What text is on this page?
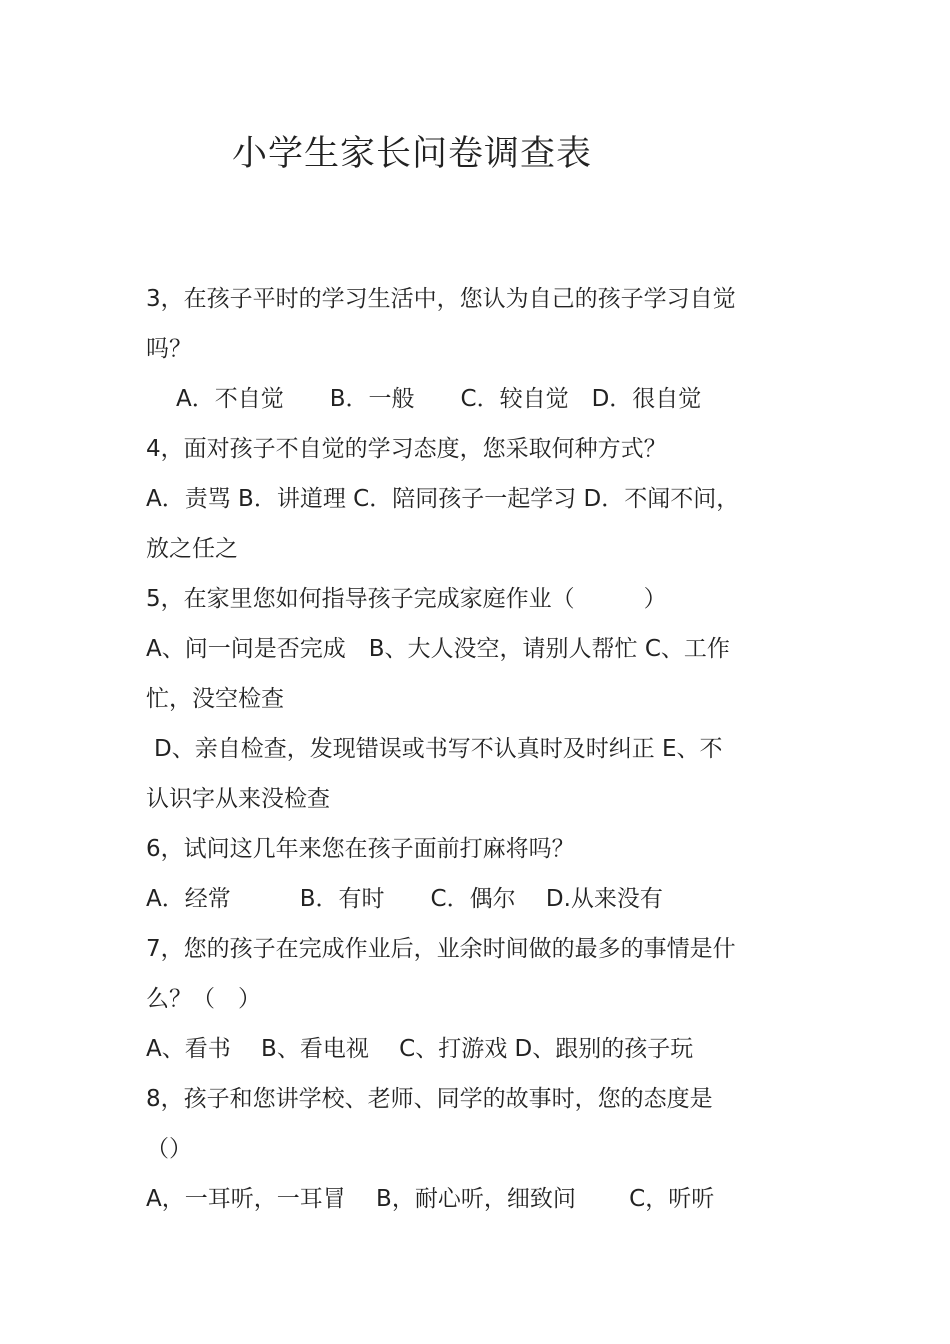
小学生家长问卷调查表
3，在孩子平时的学习生活中，您认为自己的孩子学习自觉
吗？
A．不自觉　　B．一般　　C．较自觉　D．很自觉
4，面对孩子不自觉的学习态度，您采取何种方式？
A．责骂 B．讲道理 C．陪同孩子一起学习 D．不闻不问，
放之任之
5，在家里您如何指导孩子完成家庭作业（　　　）
A、问一问是否完成　B、大人没空，请别人帮忙 C、工作
忙，没空检查
D、亲自检查，发现错误或书写不认真时及时纠正 E、不
认识字从来没检查
6，试问这几年来您在孩子面前打麻将吗？
A．经常　　　B．有时　　C．偶尔　 D.从来没有
7，您的孩子在完成作业后，业余时间做的最多的事情是什
么？（　）
A、看书　 B、看电视　 C、打游戏 D、跟别的孩子玩
8，孩子和您讲学校、老师、同学的故事时，您的态度是
（）
A，一耳听，一耳冒　 B，耐心听，细致问　　 C，听听
